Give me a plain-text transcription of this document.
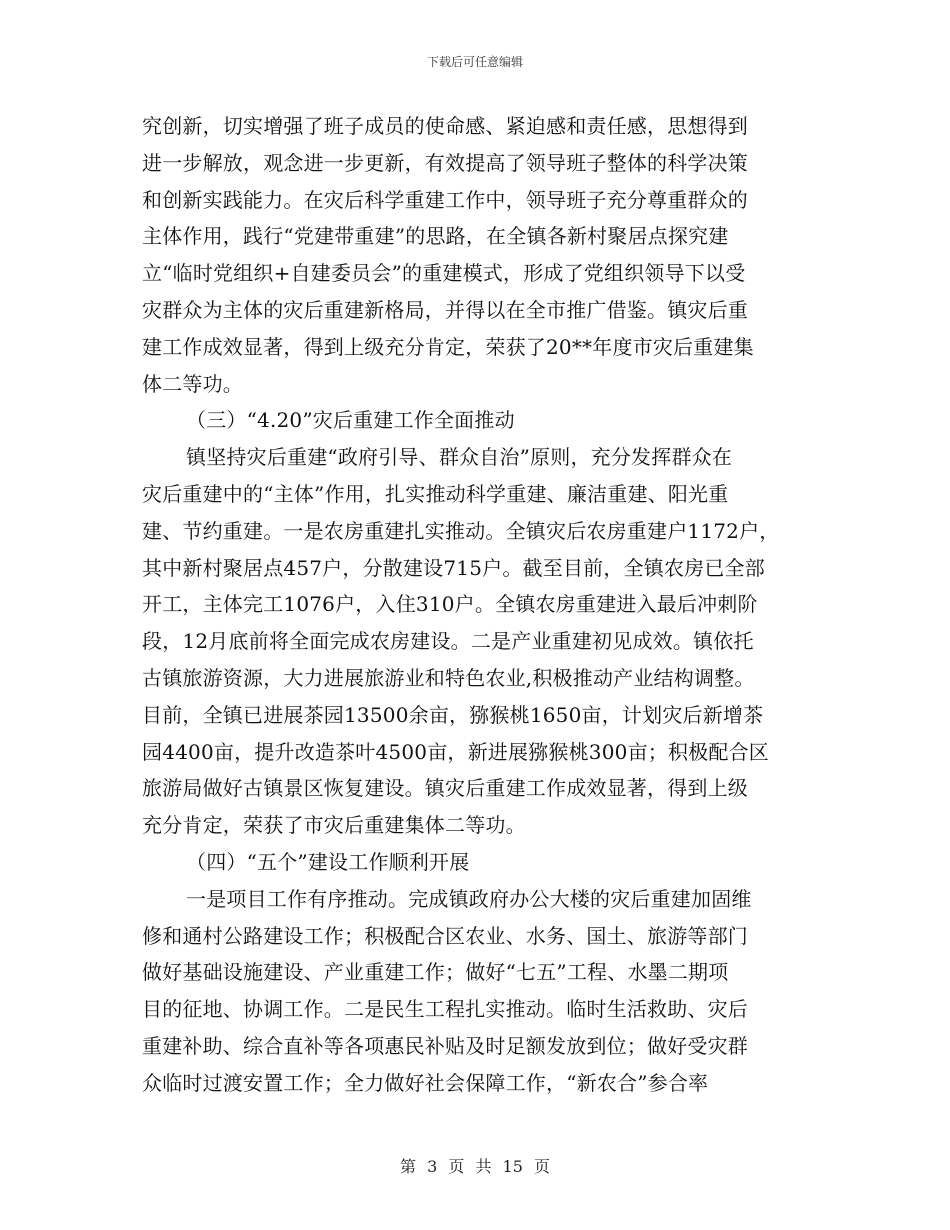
下载后可任意编辑
究创新，切实增强了班子成员的使命感、紧迫感和责任感，思想得到
进一步解放，观念进一步更新，有效提高了领导班子整体的科学决策
和创新实践能力。在灾后科学重建工作中，领导班子充分尊重群众的
主体作用，践行“党建带重建”的思路，在全镇各新村聚居点探究建
立“临时党组织+自建委员会”的重建模式，形成了党组织领导下以受
灾群众为主体的灾后重建新格局，并得以在全市推广借鉴。镇灾后重
建工作成效显著，得到上级充分肯定，荣获了20**年度市灾后重建集
体二等功。
（三）“4.20”灾后重建工作全面推动
镇坚持灾后重建“政府引导、群众自治”原则，充分发挥群众在
灾后重建中的“主体”作用，扎实推动科学重建、廉洁重建、阳光重
建、节约重建。一是农房重建扎实推动。全镇灾后农房重建户1172户，
其中新村聚居点457户，分散建设715户。截至目前，全镇农房已全部
开工，主体完工1076户，入住310户。全镇农房重建进入最后冲刺阶
段，12月底前将全面完成农房建设。二是产业重建初见成效。镇依托
古镇旅游资源，大力进展旅游业和特色农业,积极推动产业结构调整。
目前，全镇已进展茶园13500余亩，猕猴桃1650亩，计划灾后新增茶
园4400亩，提升改造茶叶4500亩，新进展猕猴桃300亩；积极配合区
旅游局做好古镇景区恢复建设。镇灾后重建工作成效显著，得到上级
充分肯定，荣获了市灾后重建集体二等功。
（四）“五个”建设工作顺利开展
一是项目工作有序推动。完成镇政府办公大楼的灾后重建加固维
修和通村公路建设工作；积极配合区农业、水务、国土、旅游等部门
做好基础设施建设、产业重建工作；做好“七五”工程、水墨二期项
目的征地、协调工作。二是民生工程扎实推动。临时生活救助、灾后
重建补助、综合直补等各项惠民补贴及时足额发放到位；做好受灾群
众临时过渡安置工作；全力做好社会保障工作，“新农合”参合率
第 3 页 共 15 页
